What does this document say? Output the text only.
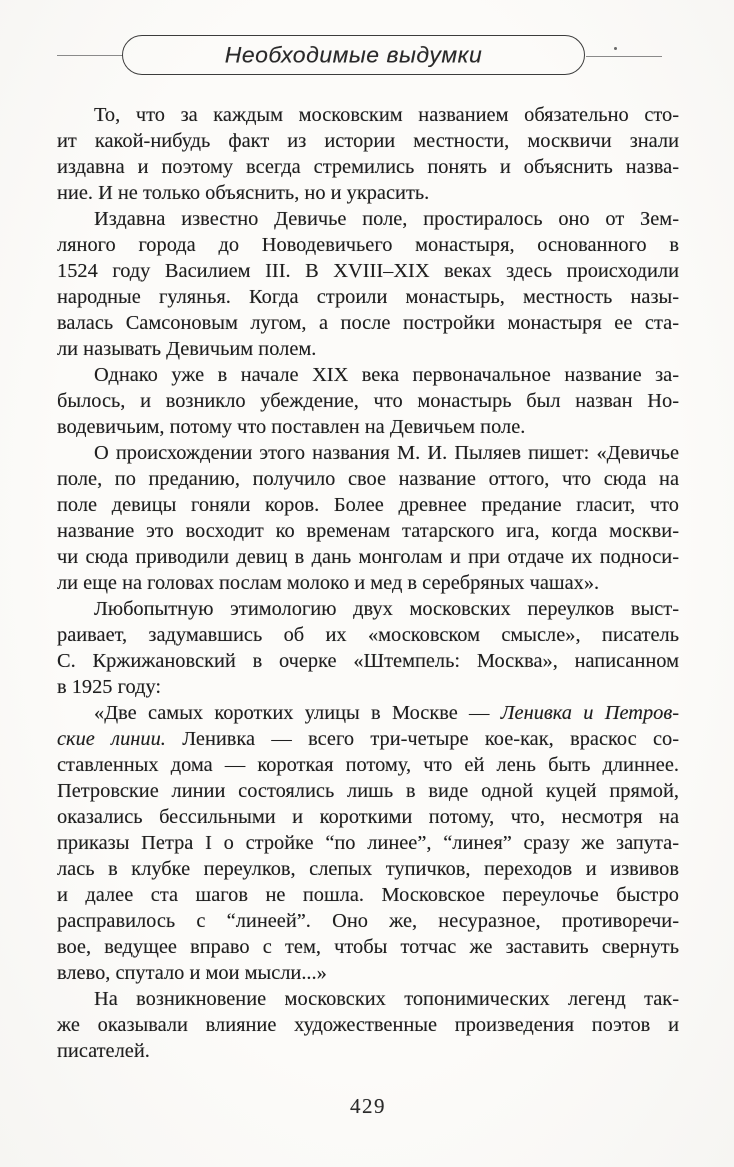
Необходимые выдумки
То, что за каждым московским названием обязательно сто-
ит какой-нибудь факт из истории местности, москвичи знали
издавна и поэтому всегда стремились понять и объяснить назва-
ние. И не только объяснить, но и украсить.
Издавна известно Девичье поле, простиралось оно от Зем-
ляного города до Новодевичьего монастыря, основанного в
1524 году Василием III. В XVIII–XIX веках здесь происходили
народные гулянья. Когда строили монастырь, местность назы-
валась Самсоновым лугом, а после постройки монастыря ее ста-
ли называть Девичьим полем.
Однако уже в начале XIX века первоначальное название за-
былось, и возникло убеждение, что монастырь был назван Но-
водевичьим, потому что поставлен на Девичьем поле.
О происхождении этого названия М. И. Пыляев пишет: «Девичье
поле, по преданию, получило свое название оттого, что сюда на
поле девицы гоняли коров. Более древнее предание гласит, что
название это восходит ко временам татарского ига, когда москви-
чи сюда приводили девиц в дань монголам и при отдаче их подноси-
ли еще на головах послам молоко и мед в серебряных чашах».
Любопытную этимологию двух московских переулков выст-
раивает, задумавшись об их «московском смысле», писатель
С. Кржижановский в очерке «Штемпель: Москва», написанном
в 1925 году:
«Две самых коротких улицы в Москве — Ленивка и Петров-
ские линии. Ленивка — всего три-четыре кое-как, враскос со-
ставленных дома — короткая потому, что ей лень быть длиннее.
Петровские линии состоялись лишь в виде одной куцей прямой,
оказались бессильными и короткими потому, что, несмотря на
приказы Петра I о стройке “по линее”, “линея” сразу же запута-
лась в клубке переулков, слепых тупичков, переходов и извивов
и далее ста шагов не пошла. Московское переулочье быстро
расправилось с “линеей”. Оно же, несуразное, противоречи-
вое, ведущее вправо с тем, чтобы тотчас же заставить свернуть
влево, спутало и мои мысли...»
На возникновение московских топонимических легенд так-
же оказывали влияние художественные произведения поэтов и
писателей.
429
